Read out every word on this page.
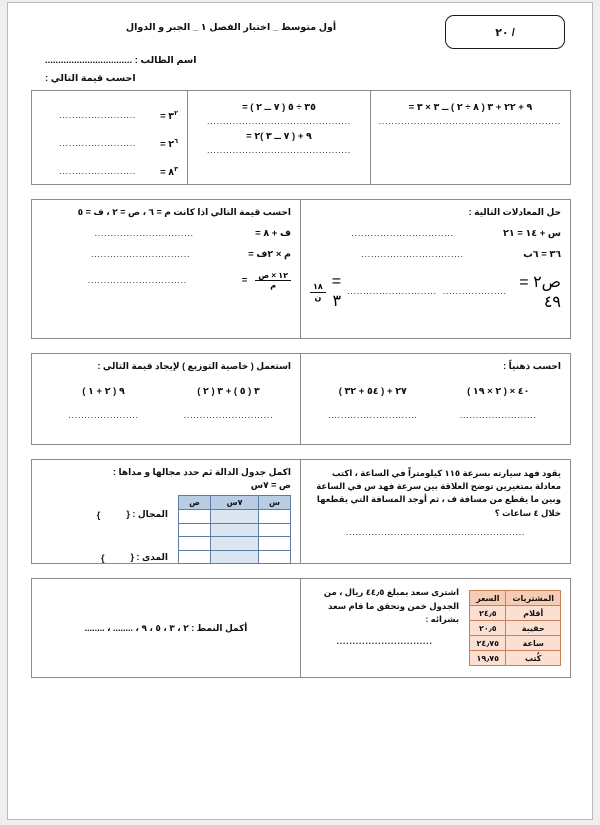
/ ٢٠
أول متوسط _ اختبار الفصل ١ _ الجبر و الدوال
اسم الطالب : .................................
احسب قيمة التالي :
٩ + ٢٢ + ٣ ( ٨ ÷ ٢ ) ــ ٣ × ٣ =
.........................................................
٣٥ ÷ ٥ ( ٧ ــ ٢ ) =
.............................................
٩ + ( ٧ ــ ٣ )٢ =
.............................................
$٣^٢$ =
........................
$٢^٦$ =
........................
$٨^٣$ =
........................
حل المعادلات التالية :
س + ١٤ = ٢١
................................
٣٦ = ٦ب
................................
ص٢ = ٤٩
....................
............................
= ٣
$\frac{١٨}{\text{ن}}$
احسب قيمة التالي اذا كانت م = ٦ ، ص = ٢ ، ف = ٥
ف + ٨ =
...............................
م × ٢ف =
...............................
$\frac{\text{١٢ × ص}}{\text{م}}$
=
...............................
احسب ذهنياً :
٤٠ × ( ٢ × ١٩ )
........................
٢٧ + ( ٥٤ + ٣٢ )
............................
استعمل ( خاصية التوزيع ) لإيجاد قيمة التالي :
٣ ( ٥ ) + ٣ ( ٢ )
............................
٩ ( ٢ + ١ )
......................
يقود فهد سيارته بسرعة ١١٥ كيلومتراً في الساعة ، اكتب معادلة بمتغيرين توضح العلاقة بين سرعة فهد س في الساعة وبين ما يقطع من مسافة ف ، ثم أوجد المسافة التي يقطعها خلال ٤ ساعات ؟
........................................................
اكمل جدول الدالة ثم حدد مجالها و مداها :
ص = ٧س
س	٧س	ص

المجال : {
}
المدى : {
}
المشتريات	السعر
أقلام	٢٤٫٥
حقيبة	٢٠٫٥
ساعة	٢٤٫٧٥
كُتب	١٩٫٧٥
اشترى سعد بمبلغ ٤٤٫٥ ريال ، من الجدول خمن وتحقق ما قام سعد بشرائه :
..............................
أكمل النمط : ٢ ، ٣ ، ٥ ، ٩ ، ........ ، ........
